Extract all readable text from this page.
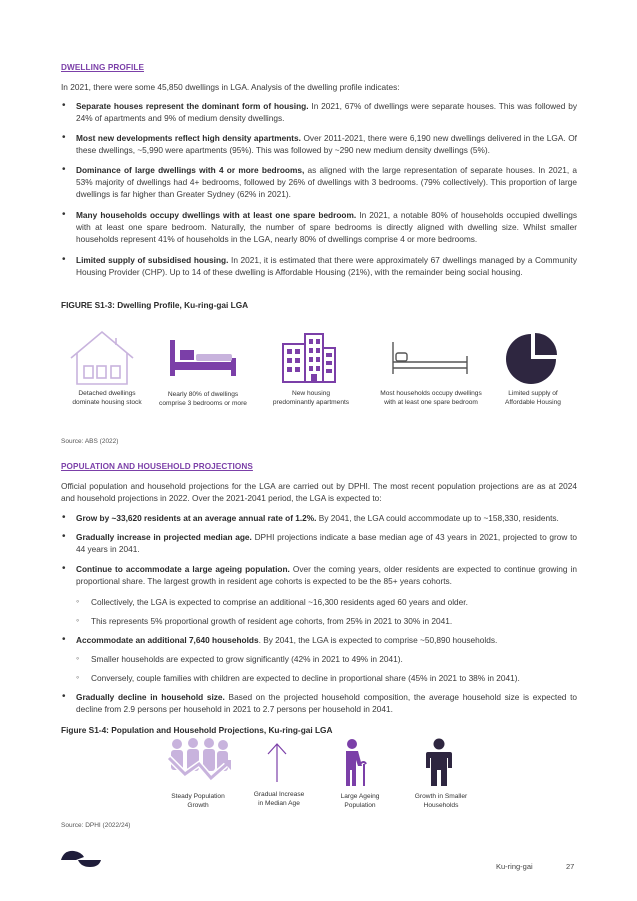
DWELLING PROFILE
In 2021, there were some 45,850 dwellings in LGA. Analysis of the dwelling profile indicates:
• Separate houses represent the dominant form of housing. In 2021, 67% of dwellings were separate houses. This was followed by 24% of apartments and 9% of medium density dwellings.
• Most new developments reflect high density apartments. Over 2011-2021, there were 6,190 new dwellings delivered in the LGA. Of these dwellings, ~5,990 were apartments (95%). This was followed by ~290 new medium density dwellings (5%).
• Dominance of large dwellings with 4 or more bedrooms, as aligned with the large representation of separate houses. In 2021, a 53% majority of dwellings had 4+ bedrooms, followed by 26% of dwellings with 3 bedrooms. (79% collectively). This proportion of large dwellings is far higher than Greater Sydney (62% in 2021).
• Many households occupy dwellings with at least one spare bedroom. In 2021, a notable 80% of households occupied dwellings with at least one spare bedroom. Naturally, the number of spare bedrooms is directly aligned with dwelling size. Whilst smaller households represent 41% of households in the LGA, nearly 80% of dwellings comprise 4 or more bedrooms.
• Limited supply of subsidised housing. In 2021, it is estimated that there were approximately 67 dwellings managed by a Community Housing Provider (CHP). Up to 14 of these dwelling is Affordable Housing (21%), with the remainder being social housing.
FIGURE S1-3: Dwelling Profile, Ku-ring-gai LGA
Detached dwellings
dominate housing stock
Nearly 80% of dwellings
comprise 3 bedrooms or more
New housing
predominantly apartments
Most households occupy dwellings
with at least one spare bedroom
Limited supply of
Affordable Housing
Source: ABS (2022)
POPULATION AND HOUSEHOLD PROJECTIONS
Official population and household projections for the LGA are carried out by DPHI. The most recent population projections are as at 2024 and household projections in 2022. Over the 2021-2041 period, the LGA is expected to:
• Grow by ~33,620 residents at an average annual rate of 1.2%. By 2041, the LGA could accommodate up to ~158,330, residents.
• Gradually increase in projected median age. DPHI projections indicate a base median age of 43 years in 2021, projected to grow to 44 years in 2041.
• Continue to accommodate a large ageing population. Over the coming years, older residents are expected to continue growing in proportional share. The largest growth in resident age cohorts is expected to be the 85+ years cohorts.
◦ Collectively, the LGA is expected to comprise an additional ~16,300 residents aged 60 years and older.
◦ This represents 5% proportional growth of resident age cohorts, from 25% in 2021 to 30% in 2041.
• Accommodate an additional 7,640 households. By 2041, the LGA is expected to comprise ~50,890 households.
◦ Smaller households are expected to grow significantly (42% in 2021 to 49% in 2041).
◦ Conversely, couple families with children are expected to decline in proportional share (45% in 2021 to 38% in 2041).
• Gradually decline in household size. Based on the projected household composition, the average household size is expected to decline from 2.9 persons per household in 2021 to 2.7 persons per household in 2041.
Figure S1-4: Population and Household Projections, Ku-ring-gai LGA
Steady Population
Growth
Gradual Increase
in Median Age
Large Ageing
Population
Growth in Smaller
Households
Source: DPHI (2022/24)
Ku-ring-gai	27
